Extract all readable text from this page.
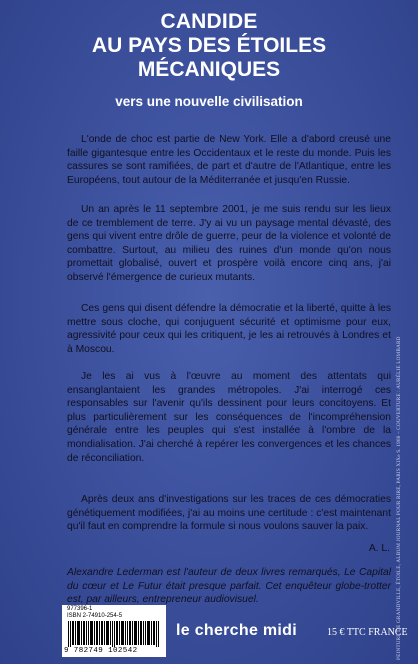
CANDIDE
AU PAYS DES ÉTOILES
MÉCANIQUES

vers une nouvelle civilisation

L'onde de choc est partie de New York. Elle a d'abord creusé une faille gigantesque entre les Occidentaux et le reste du monde. Puis les cassures se sont ramifiées, de part et d'autre de l'Atlantique, entre les Européens, tout autour de la Méditerranée et jusqu'en Russie.

Un an après le 11 septembre 2001, je me suis rendu sur les lieux de ce tremblement de terre. J'y ai vu un paysage mental dévasté, des gens qui vivent entre drôle de guerre, peur de la violence et volonté de combattre. Surtout, au milieu des ruines d'un monde qu'on nous promettait globalisé, ouvert et prospère voilà encore cinq ans, j'ai observé l'émergence de curieux mutants.

Ces gens qui disent défendre la démocratie et la liberté, quitte à les mettre sous cloche, qui conjuguent sécurité et optimisme pour eux, agressivité pour ceux qui les critiquent, je les ai retrouvés à Londres et à Moscou.

Je les ai vus à l'œuvre au moment des attentats qui ensanglantaient les grandes métropoles. J'ai interrogé ces responsables sur l'avenir qu'ils dessinent pour leurs concitoyens. Et plus particulièrement sur les conséquences de l'incompréhension générale entre les peuples qui s'est installée à l'ombre de la mondialisation. J'ai cherché à repérer les convergences et les chances de réconciliation.

Après deux ans d'investigations sur les traces de ces démocraties génétiquement modifiées, j'ai au moins une certitude : c'est maintenant qu'il faut en comprendre la formule si nous voulons sauver la paix.

A. L.

Alexandre Lederman est l'auteur de deux livres remarqués, Le Capital du cœur et Le Futur était presque parfait. Cet enquêteur globe-trotter est, par ailleurs, entrepreneur audiovisuel.

977396-1
ISBN 2-74910-254-5
9 782749 102542

le cherche midi	15 € TTC FRANCE

PEINTURE DE GRANDVILLE, ÉTOILE, ALBUM JOURNAL POUR RIRE, PARIS XIXe S. 1968 – COUVERTURE : AURÉLIE LOMBARD
